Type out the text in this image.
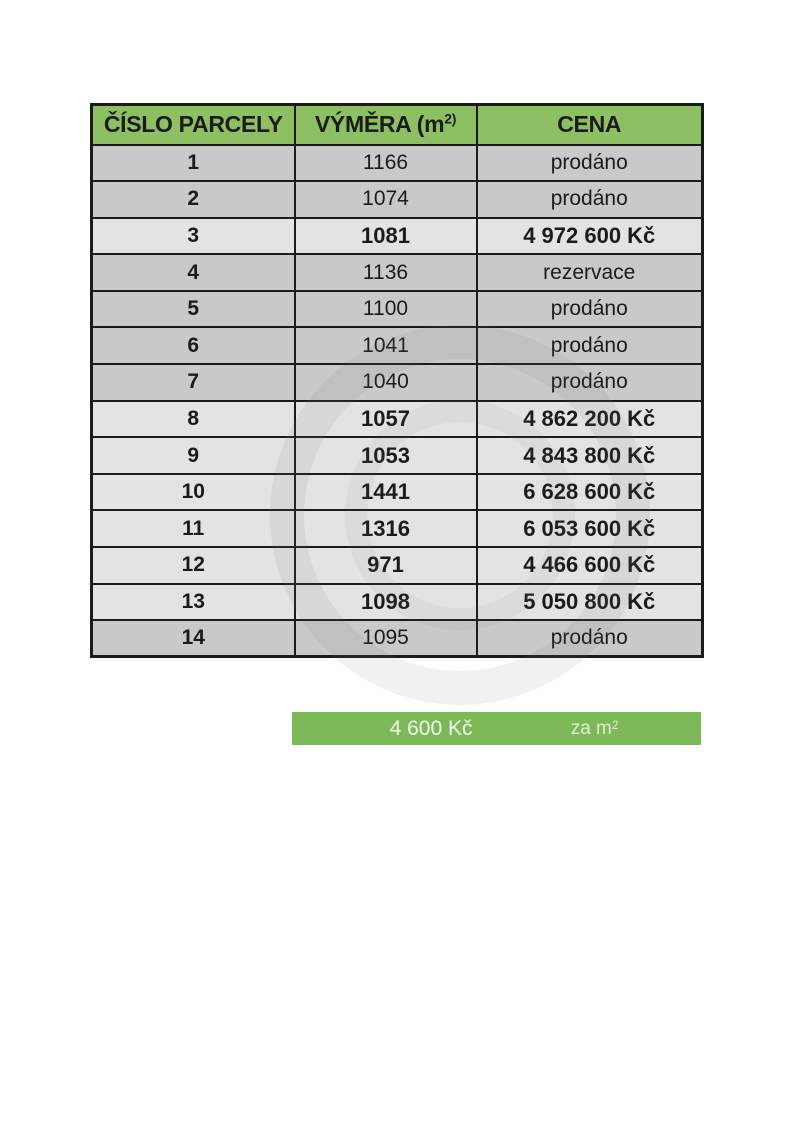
ČÍSLO PARCELY	VÝMĚRA ($m^{2)}$	CENA
1	1166	prodáno
2	1074	prodáno
3	1081	4 972 600 Kč
4	1136	rezervace
5	1100	prodáno
6	1041	prodáno
7	1040	prodáno
8	1057	4 862 200 Kč
9	1053	4 843 800 Kč
10	1441	6 628 600 Kč
11	1316	6 053 600 Kč
12	971	4 466 600 Kč
13	1098	5 050 800 Kč
14	1095	prodáno
4 600 Kč	za m 2
